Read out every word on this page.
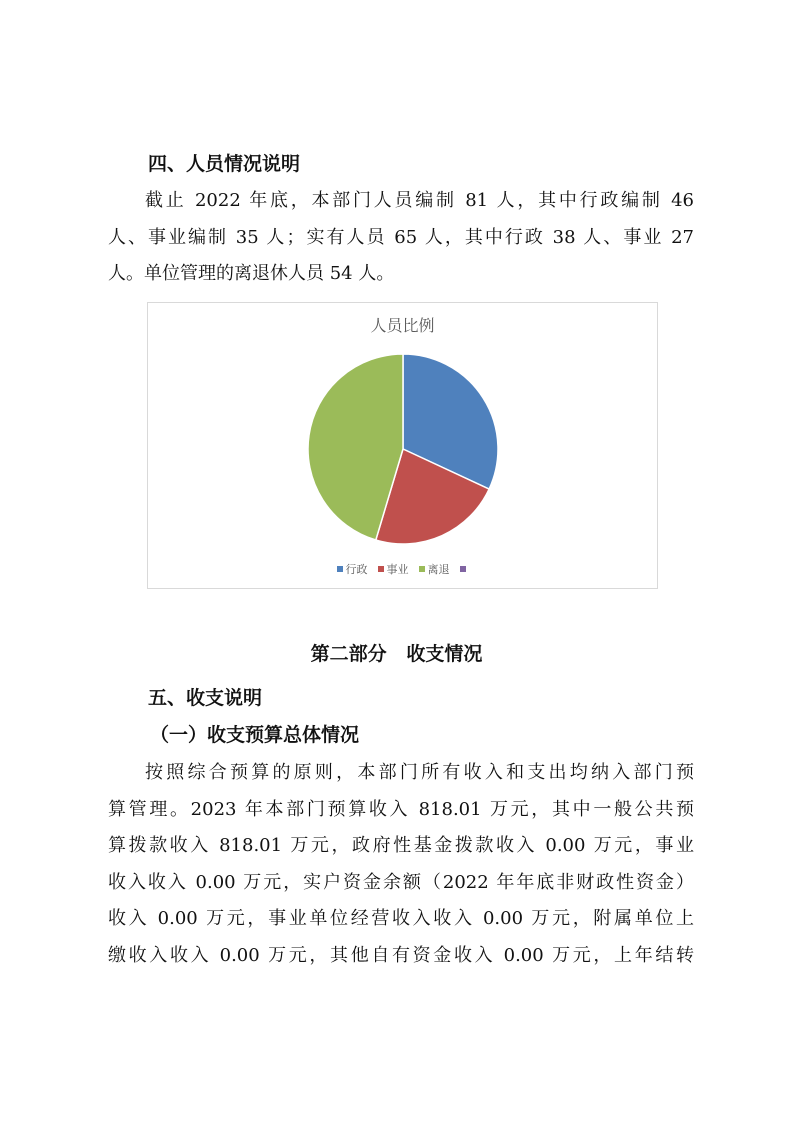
四、人员情况说明
截止 2022 年底，本部门人员编制 81 人，其中行政编制 46
人、事业编制 35 人；实有人员 65 人，其中行政 38 人、事业 27
人。单位管理的离退休人员 54 人。
人员比例
行政 事业 离退
第二部分   收支情况
五、收支说明
（一）收支预算总体情况
按照综合预算的原则，本部门所有收入和支出均纳入部门预
算管理。2023 年本部门预算收入 818.01 万元，其中一般公共预
算拨款收入 818.01 万元，政府性基金拨款收入 0.00 万元，事业
收入收入 0.00 万元，实户资金余额（2022 年年底非财政性资金）
收入 0.00 万元，事业单位经营收入收入 0.00 万元，附属单位上
缴收入收入 0.00 万元，其他自有资金收入 0.00 万元，上年结转
